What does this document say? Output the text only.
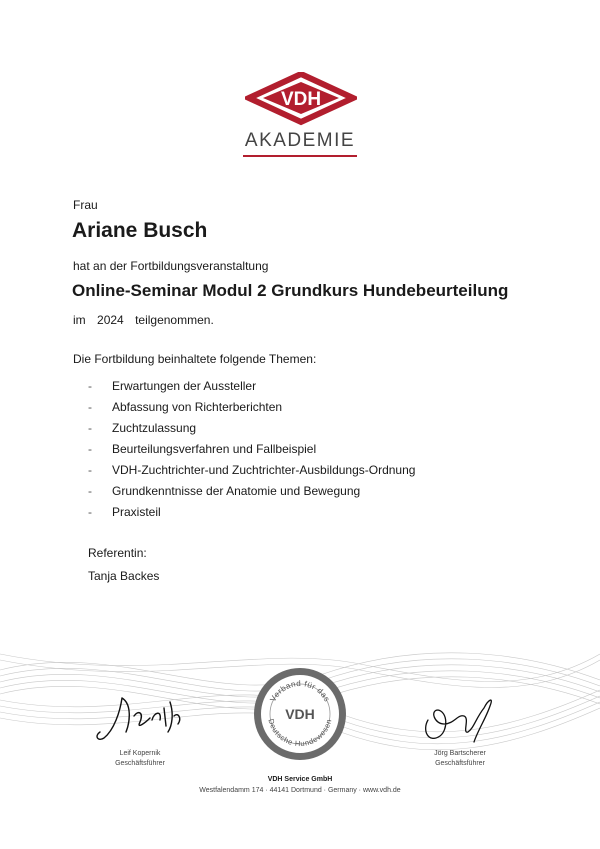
VDH
AKADEMIE
Frau
Ariane Busch
hat an der Fortbildungsveranstaltung
Online-Seminar Modul 2 Grundkurs Hundebeurteilung
im 2024 teilgenommen.
Die Fortbildung beinhaltete folgende Themen:
-	Erwartungen der Aussteller
-	Abfassung von Richterberichten
-	Zuchtzulassung
-	Beurteilungsverfahren und Fallbeispiel
-	VDH-Zuchtrichter-und Zuchtrichter-Ausbildungs-Ordnung
-	Grundkenntnisse der Anatomie und Bewegung
-	Praxisteil
Referentin:
Tanja Backes
Leif Kopernik
Geschäftsführer
Jörg Bartscherer
Geschäftsführer
Verband für das
Deutsche Hundewesen
VDH
VDH Service GmbH
Westfalendamm 174 · 44141 Dortmund · Germany · www.vdh.de
